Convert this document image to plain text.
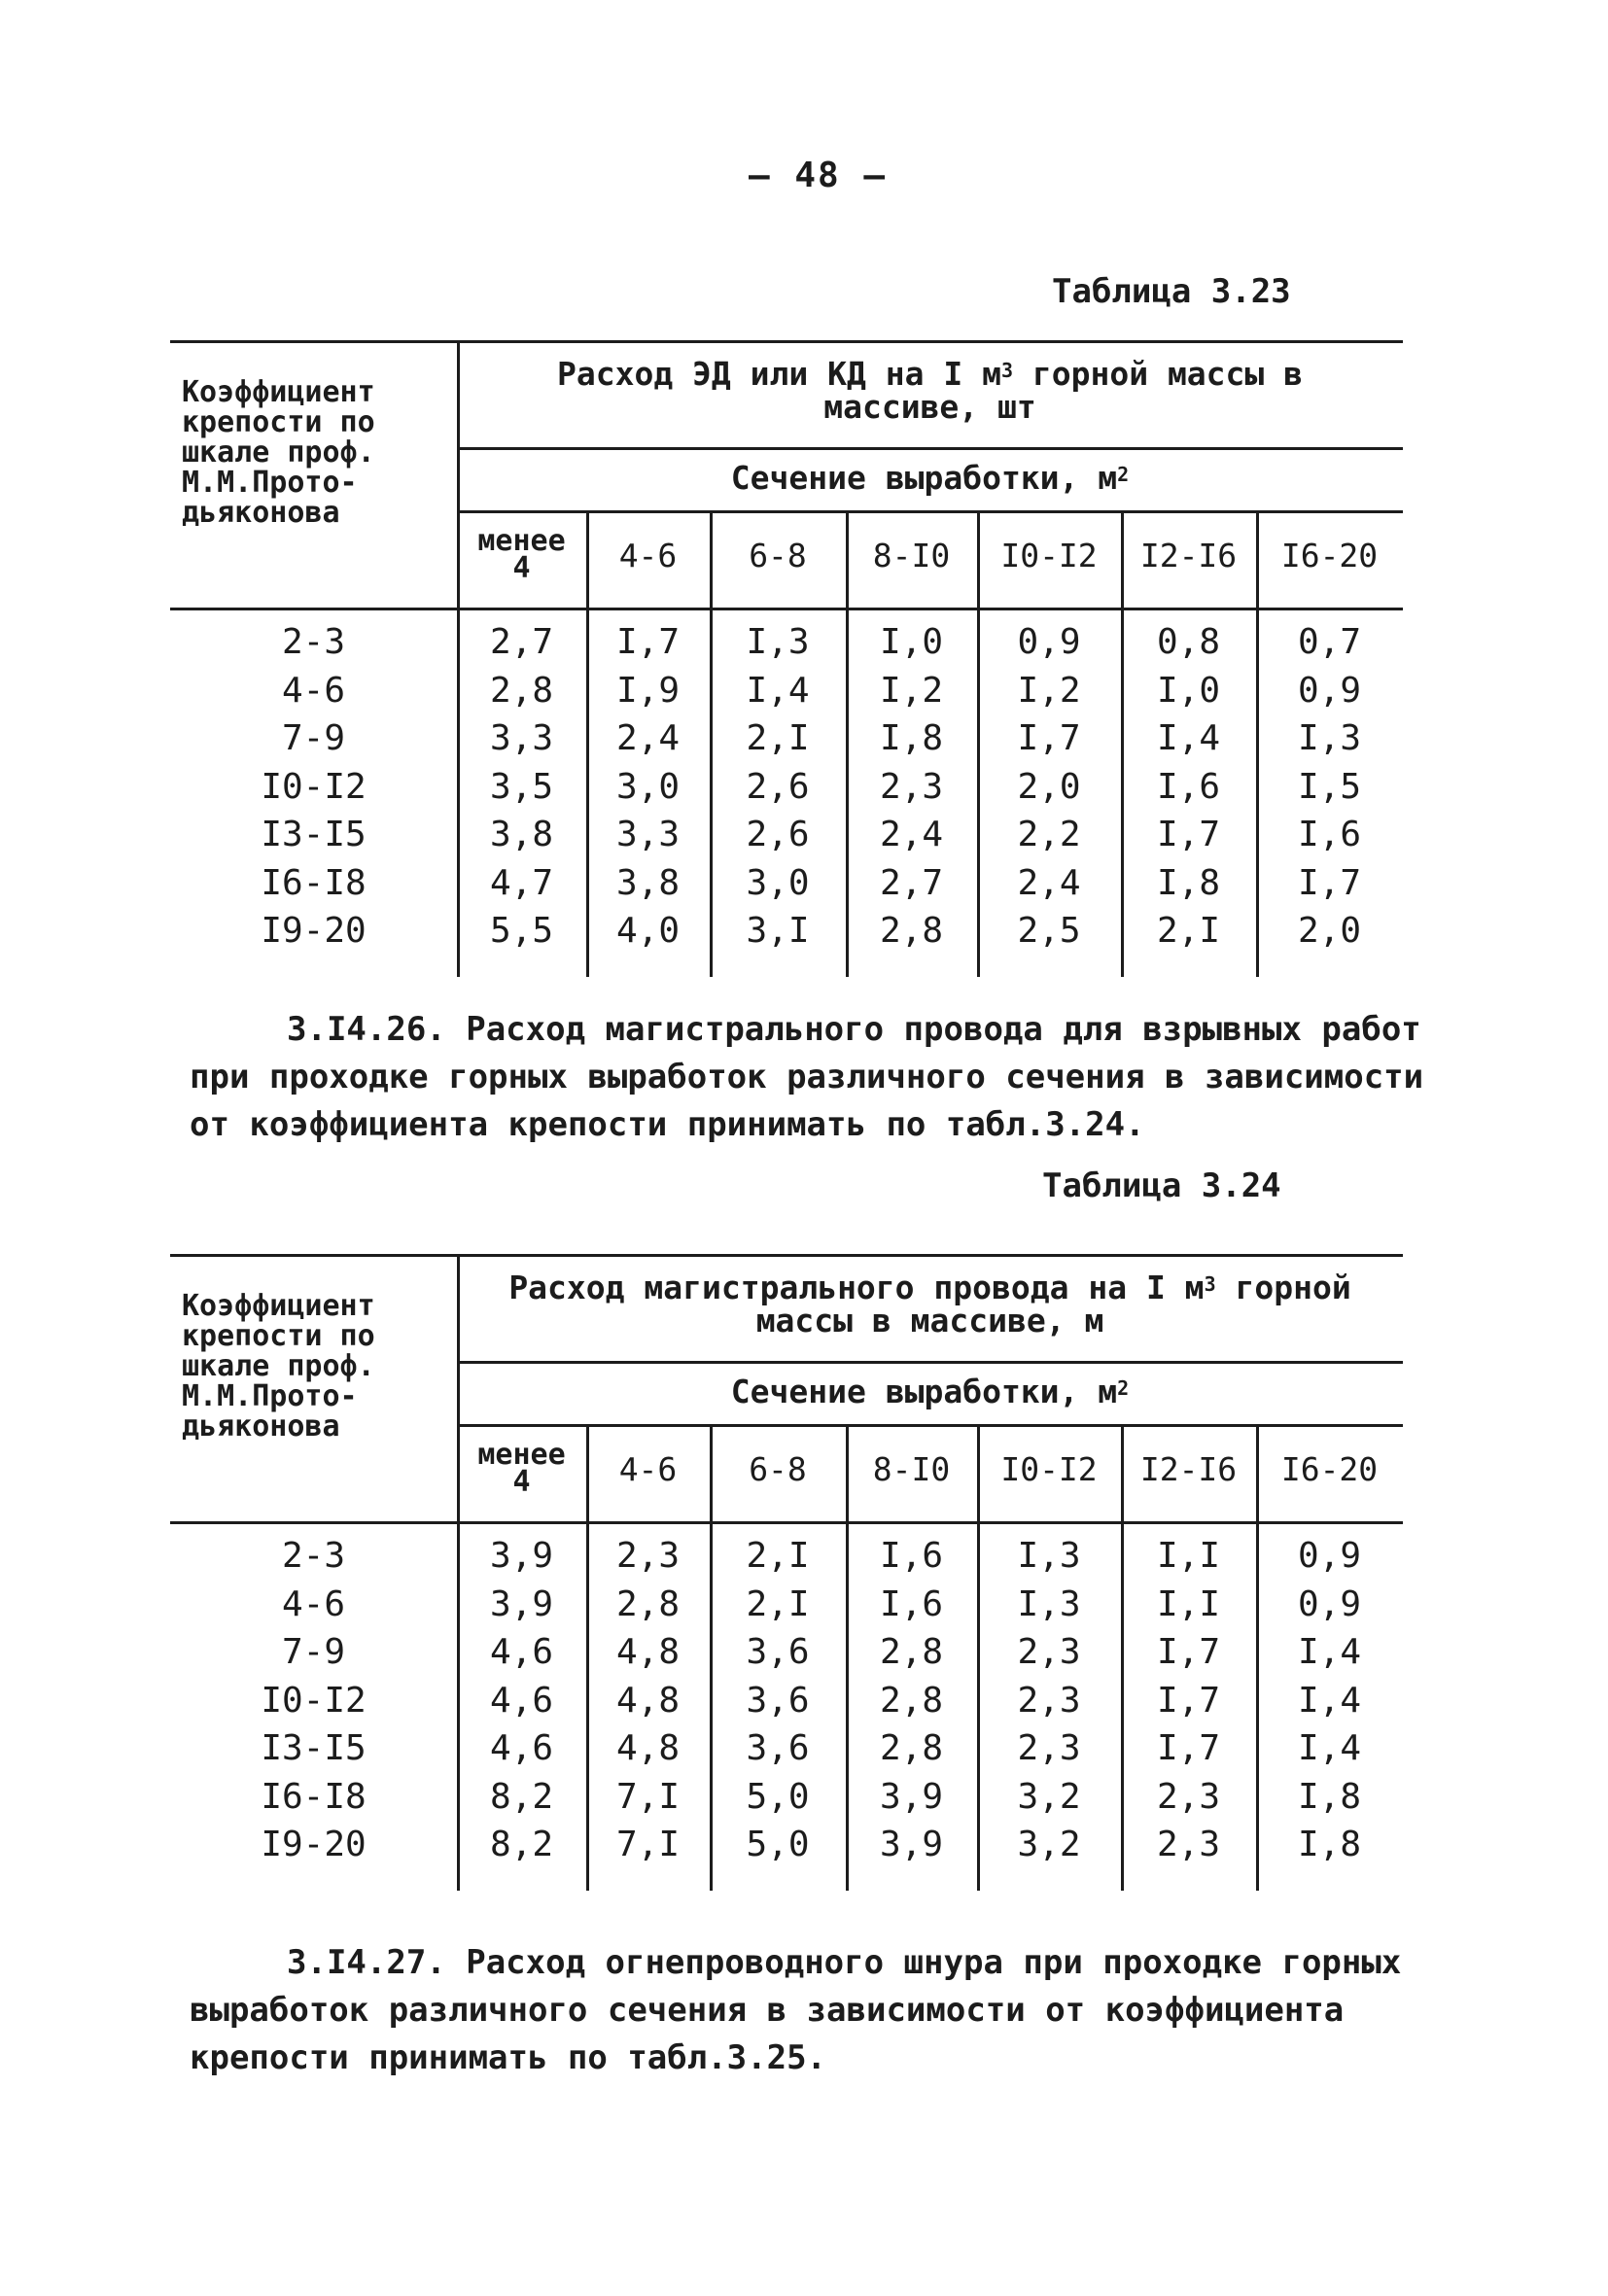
– 48 –
Таблица 3.23
Коэффициент
крепости по
шкале проф.
М.М.Прото-
дьяконова
Расход ЭД или КД на I $м^3$ горной массы в
массиве, шт
Сечение выработки, $м^2$
менее
4	4-6	6-8	8-I0	I0-I2	I2-I6	I6-20
2-3	2,7	I,7	I,3	I,0	0,9	0,8	0,7
4-6	2,8	I,9	I,4	I,2	I,2	I,0	0,9
7-9	3,3	2,4	2,I	I,8	I,7	I,4	I,3
I0-I2	3,5	3,0	2,6	2,3	2,0	I,6	I,5
I3-I5	3,8	3,3	2,6	2,4	2,2	I,7	I,6
I6-I8	4,7	3,8	3,0	2,7	2,4	I,8	I,7
I9-20	5,5	4,0	3,I	2,8	2,5	2,I	2,0
3.I4.26. Расход магистрального провода для взрывных работ
при проходке горных выработок различного сечения в зависимости
от коэффициента крепости принимать по табл.3.24.
Таблица 3.24
Коэффициент
крепости по
шкале проф.
М.М.Прото-
дьяконова
Расход магистрального провода на I $м^3$ горной
массы в массиве, м
Сечение выработки, $м^2$
менее
4	4-6	6-8	8-I0	I0-I2	I2-I6	I6-20
2-3	3,9	2,3	2,I	I,6	I,3	I,I	0,9
4-6	3,9	2,8	2,I	I,6	I,3	I,I	0,9
7-9	4,6	4,8	3,6	2,8	2,3	I,7	I,4
I0-I2	4,6	4,8	3,6	2,8	2,3	I,7	I,4
I3-I5	4,6	4,8	3,6	2,8	2,3	I,7	I,4
I6-I8	8,2	7,I	5,0	3,9	3,2	2,3	I,8
I9-20	8,2	7,I	5,0	3,9	3,2	2,3	I,8
3.I4.27. Расход огнепроводного шнура при проходке горных
выработок различного сечения в зависимости от коэффициента
крепости принимать по табл.3.25.
